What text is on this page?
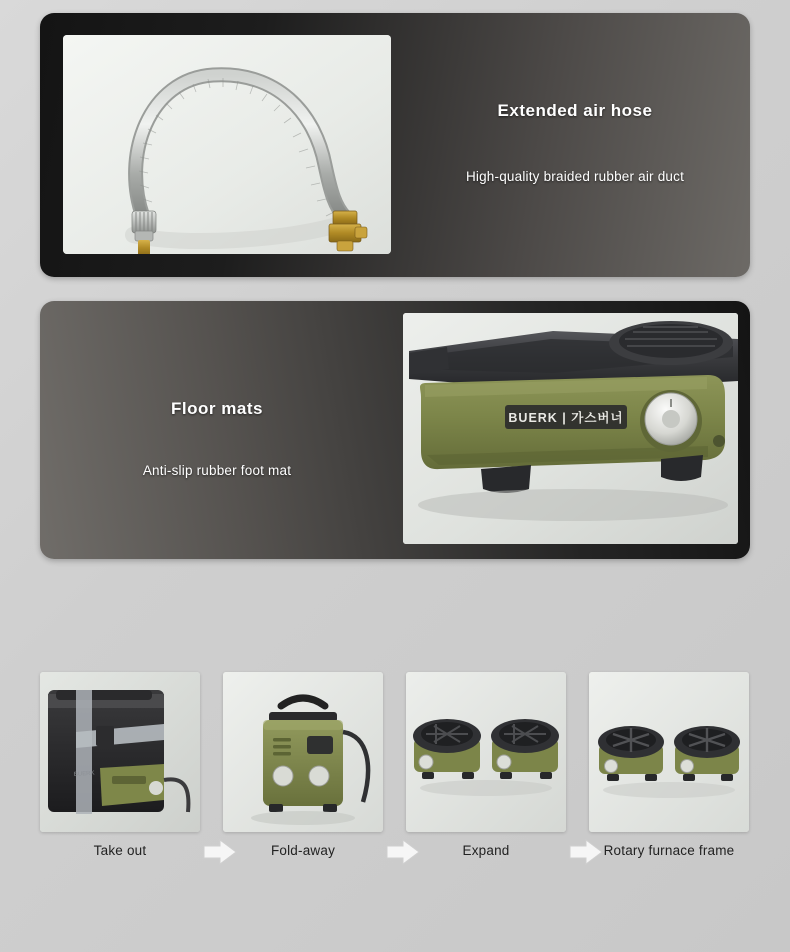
Extended air hose
High-quality braided rubber air duct
BUERK | 가스버너
Floor mats
Anti-slip rubber foot mat
BUERK
Take out	Fold-away	Expand	Rotary furnace frame
